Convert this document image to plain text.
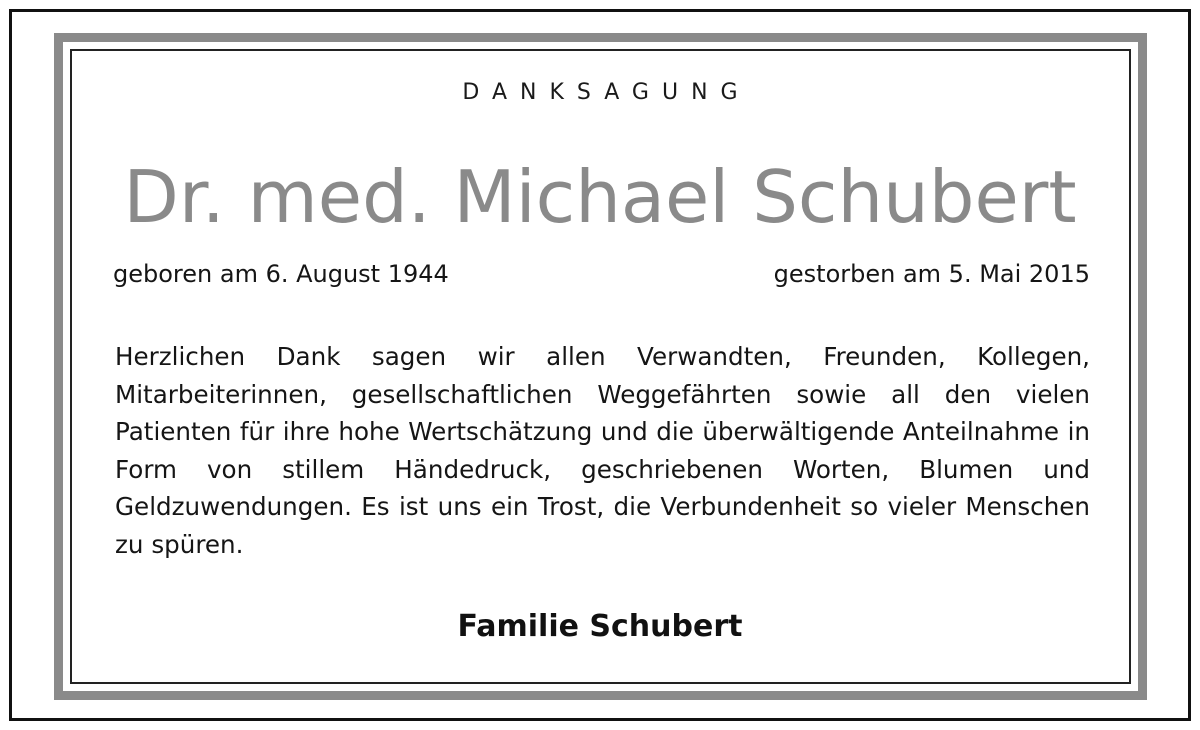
DANKSAGUNG
Dr. med. Michael Schubert
geboren am 6. August 1944	gestorben am 5. Mai 2015
Herzlichen Dank sagen wir allen Verwandten, Freunden, Kollegen, Mitarbeiterinnen, gesellschaftlichen Weggefährten sowie all den vielen Patienten für ihre hohe Wertschätzung und die überwältigende Anteilnahme in Form von stillem Händedruck, geschriebenen Worten, Blumen und Geldzuwendungen. Es ist uns ein Trost, die Verbundenheit so vieler Menschen zu spüren.
Familie Schubert
